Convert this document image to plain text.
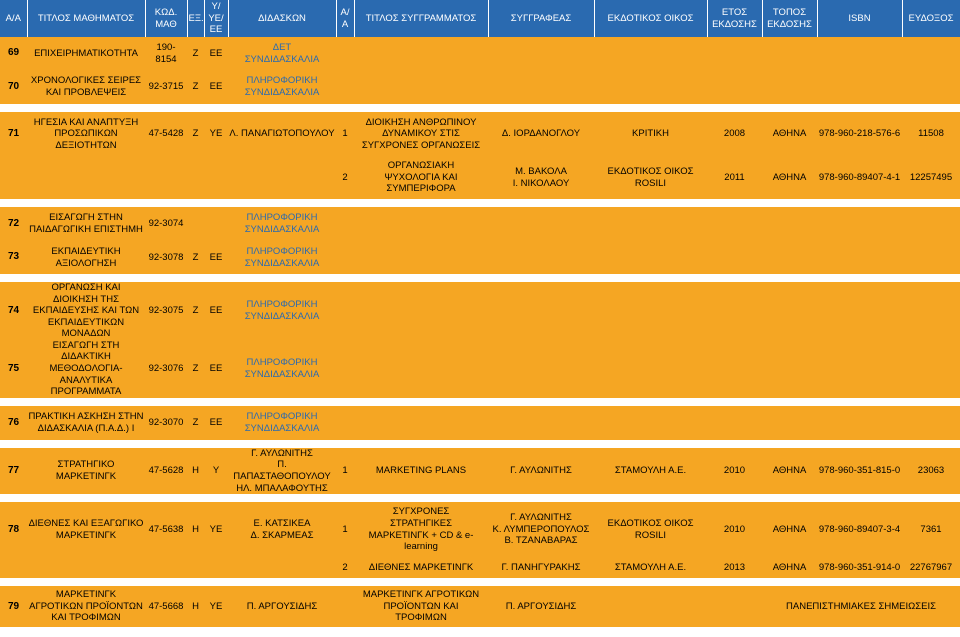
Α/Α	ΤΙΤΛΟΣ ΜΑΘΗΜΑΤΟΣ	ΚΩΔ.
ΜΑΘ	ΕΞ.	Υ/
ΥΕ/
ΕΕ	ΔΙΔΑΣΚΩΝ	Α/
Α	ΤΙΤΛΟΣ ΣΥΓΓΡΑΜΜΑΤΟΣ	ΣΥΓΓΡΑΦΕΑΣ	ΕΚΔΟΤΙΚΟΣ ΟΙΚΟΣ	ΕΤΟΣ
ΕΚΔΟΣΗΣ	ΤΟΠΟΣ
ΕΚΔΟΣΗΣ	ISBN	ΕΥΔΟΞΟΣ
69	ΕΠΙΧΕΙΡΗΜΑΤΙΚΟΤΗΤΑ	190-
8154	Ζ	ΕΕ	ΔΕΤ
ΣΥΝΔΙΔΑΣΚΑΛΙΑ								
70	ΧΡΟΝΟΛΟΓΙΚΕΣ ΣΕΙΡΕΣ
ΚΑΙ ΠΡΟΒΛΕΨΕΙΣ	92-3715	Ζ	ΕΕ	ΠΛΗΡΟΦΟΡΙΚΗ
ΣΥΝΔΙΔΑΣΚΑΛΙΑ								

71	ΗΓΕΣΙΑ ΚΑΙ ΑΝΑΠΤΥΞΗ
ΠΡΟΣΩΠΙΚΩΝ
ΔΕΞΙΟΤΗΤΩΝ	47-5428	Ζ	ΥΕ	Λ. ΠΑΝΑΓΙΩΤΟΠΟΥΛΟΥ	1	ΔΙΟΙΚΗΣΗ ΑΝΘΡΩΠΙΝΟΥ
ΔΥΝΑΜΙΚΟΥ ΣΤΙΣ
ΣΥΓΧΡΟΝΕΣ ΟΡΓΑΝΩΣΕΙΣ	Δ. ΙΟΡΔΑΝΟΓΛΟΥ	ΚΡΙΤΙΚΗ	2008	ΑΘΗΝΑ	978-960-218-576-6	11508
						2	ΟΡΓΑΝΩΣΙΑΚΗ
ΨΥΧΟΛΟΓΙΑ ΚΑΙ
ΣΥΜΠΕΡΙΦΟΡΑ	Μ. ΒΑΚΟΛΑ
Ι. ΝΙΚΟΛΑΟΥ	ΕΚΔΟΤΙΚΟΣ ΟΙΚΟΣ
ROSILI	2011	ΑΘΗΝΑ	978-960-89407-4-1	12257495

72	ΕΙΣΑΓΩΓΗ ΣΤΗΝ
ΠΑΙΔΑΓΩΓΙΚΗ ΕΠΙΣΤΗΜΗ	92-3074			ΠΛΗΡΟΦΟΡΙΚΗ
ΣΥΝΔΙΔΑΣΚΑΛΙΑ								
73	ΕΚΠΑΙΔΕΥΤΙΚΗ
ΑΞΙΟΛΟΓΗΣΗ	92-3078	Ζ	ΕΕ	ΠΛΗΡΟΦΟΡΙΚΗ
ΣΥΝΔΙΔΑΣΚΑΛΙΑ								

74	ΟΡΓΑΝΩΣΗ ΚΑΙ
ΔΙΟΙΚΗΣΗ ΤΗΣ
ΕΚΠΑΙΔΕΥΣΗΣ ΚΑΙ ΤΩΝ
ΕΚΠΑΙΔΕΥΤΙΚΩΝ
ΜΟΝΑΔΩΝ	92-3075	Ζ	ΕΕ	ΠΛΗΡΟΦΟΡΙΚΗ
ΣΥΝΔΙΔΑΣΚΑΛΙΑ								
75	ΕΙΣΑΓΩΓΗ ΣΤΗ
ΔΙΔΑΚΤΙΚΗ
ΜΕΘΟΔΟΛΟΓΙΑ-
ΑΝΑΛΥΤΙΚΑ
ΠΡΟΓΡΑΜΜΑΤΑ	92-3076	Ζ	ΕΕ	ΠΛΗΡΟΦΟΡΙΚΗ
ΣΥΝΔΙΔΑΣΚΑΛΙΑ								

76	ΠΡΑΚΤΙΚΗ ΑΣΚΗΣΗ ΣΤΗΝ
ΔΙΔΑΣΚΑΛΙΑ (Π.Α.Δ.) Ι	92-3070	Ζ	ΕΕ	ΠΛΗΡΟΦΟΡΙΚΗ
ΣΥΝΔΙΔΑΣΚΑΛΙΑ								

77	ΣΤΡΑΤΗΓΙΚΟ
ΜΑΡΚΕΤΙΝΓΚ	47-5628	Η	Υ	Γ. ΑΥΛΩΝΙΤΗΣ
Π.
ΠΑΠΑΣΤΑΘΟΠΟΥΛΟΥ
ΗΛ. ΜΠΑΛΑΦΟΥΤΗΣ	1	MARKETING PLANS	Γ. ΑΥΛΩΝΙΤΗΣ	ΣΤΑΜΟΥΛΗ Α.Ε.	2010	ΑΘΗΝΑ	978-960-351-815-0	23063

78	ΔΙΕΘΝΕΣ ΚΑΙ ΕΞΑΓΩΓΙΚΟ
ΜΑΡΚΕΤΙΝΓΚ	47-5638	Η	ΥΕ	Ε. ΚΑΤΣΙΚΕΑ
Δ. ΣΚΑΡΜΕΑΣ	1	ΣΥΓΧΡΟΝΕΣ
ΣΤΡΑΤΗΓΙΚΕΣ
ΜΑΡΚΕΤΙΝΓΚ + CD & e-
learning	Γ. ΑΥΛΩΝΙΤΗΣ
Κ. ΛΥΜΠΕΡΟΠΟΥΛΟΣ
Β. ΤΖΑΝΑΒΑΡΑΣ	ΕΚΔΟΤΙΚΟΣ ΟΙΚΟΣ
ROSILI	2010	ΑΘΗΝΑ	978-960-89407-3-4	7361
						2	ΔΙΕΘΝΕΣ ΜΑΡΚΕΤΙΝΓΚ	Γ. ΠΑΝΗΓΥΡΑΚΗΣ	ΣΤΑΜΟΥΛΗ Α.Ε.	2013	ΑΘΗΝΑ	978-960-351-914-0	22767967

79	ΜΑΡΚΕΤΙΝΓΚ
ΑΓΡΟΤΙΚΩΝ ΠΡΟΪΟΝΤΩΝ
ΚΑΙ ΤΡΟΦΙΜΩΝ	47-5668	Η	ΥΕ	Π. ΑΡΓΟΥΣΙΔΗΣ		ΜΑΡΚΕΤΙΝΓΚ ΑΓΡΟΤΙΚΩΝ
ΠΡΟΪΟΝΤΩΝ ΚΑΙ
ΤΡΟΦΙΜΩΝ	Π. ΑΡΓΟΥΣΙΔΗΣ			ΠΑΝΕΠΙΣΤΗΜΙΑΚΕΣ ΣΗΜΕΙΩΣΕΙΣ		
